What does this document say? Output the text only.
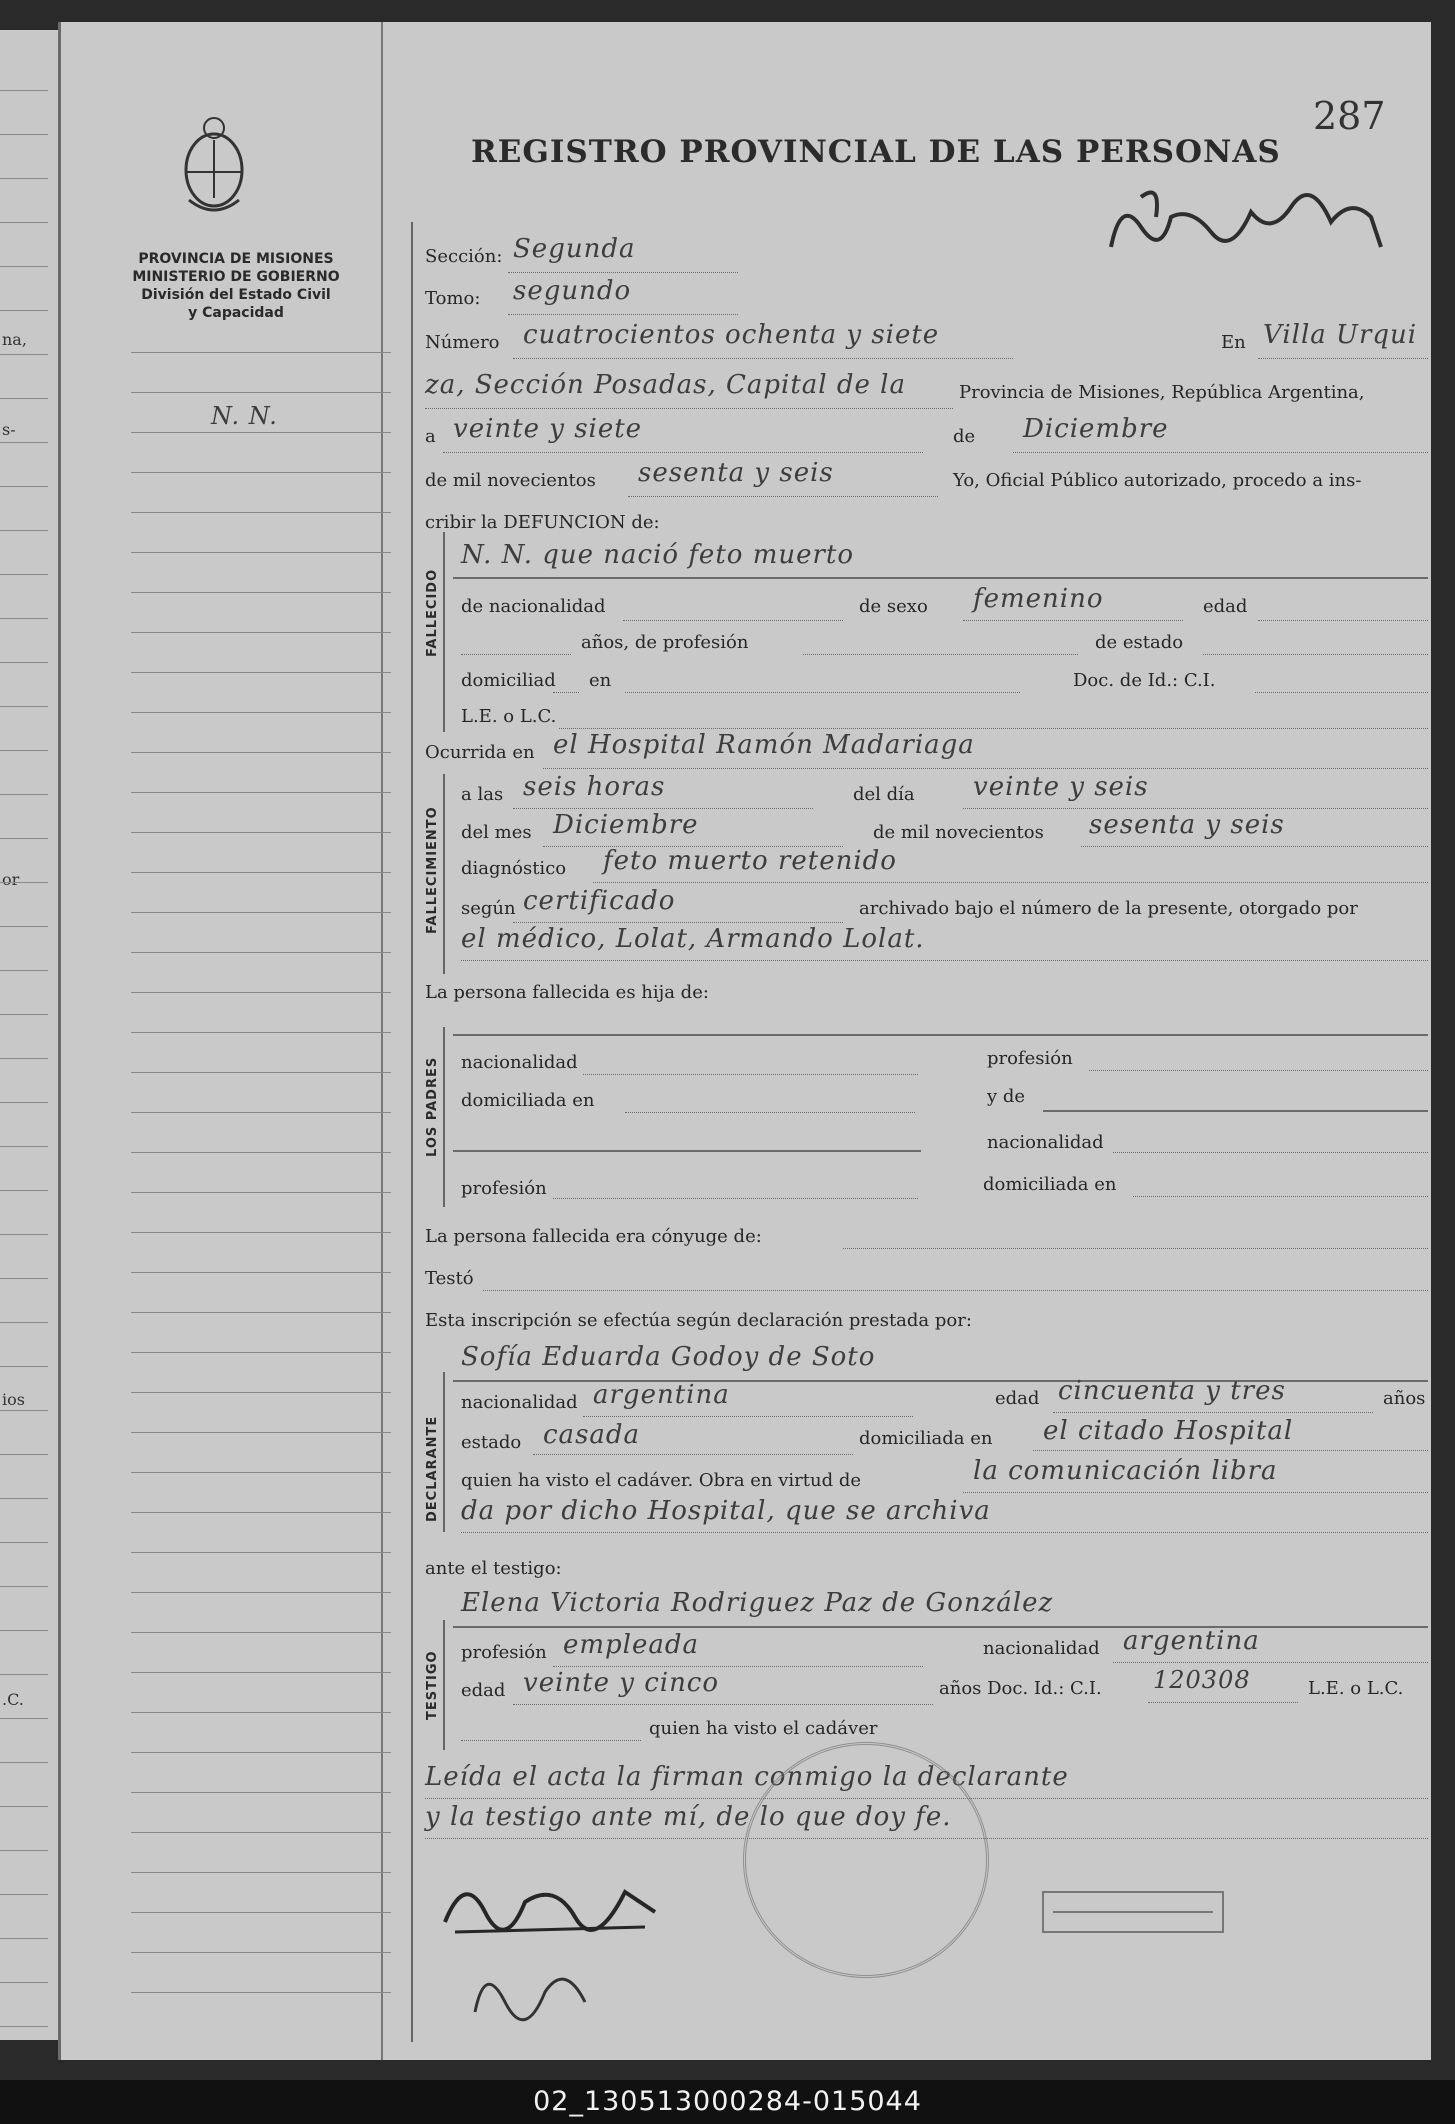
na,
s-
or
ios
.C.
PROVINCIA DE MISIONES
MINISTERIO DE GOBIERNO
División del Estado Civil
y Capacidad
N. N.
REGISTRO PROVINCIAL DE LAS PERSONAS
287
Sección: Segunda
Tomo: segundo
Número cuatrocientos ochenta y siete	En Villa Urqui
za, Sección Posadas, Capital de la	Provincia de Misiones, República Argentina,
a veinte y siete	de Diciembre
de mil novecientos sesenta y seis	Yo, Oficial Público autorizado, procedo a ins-
cribir la DEFUNCION de:
FALLECIDO
N. N. que nació feto muerto
de nacionalidad	de sexo femenino	edad
años, de profesión	de estado
domiciliad en	Doc. de Id.: C.I.
L.E. o L.C.
Ocurrida en el Hospital Ramón Madariaga
FALLECIMIENTO
a las seis horas	del día veinte y seis
del mes Diciembre	de mil novecientos sesenta y seis
diagnóstico feto muerto retenido
según certificado	archivado bajo el número de la presente, otorgado por
el médico, Lolat, Armando Lolat.
La persona fallecida es hija de:
LOS PADRES nacionalidad	profesión
domiciliada en	y de
nacionalidad
profesión	domiciliada en
La persona fallecida era cónyuge de:
Testó
Esta inscripción se efectúa según declaración prestada por:
Sofía Eduarda Godoy de Soto
DECLARANTE
nacionalidad argentina	edad cincuenta y tres	años
estado casada	domiciliada en el citado Hospital
quien ha visto el cadáver. Obra en virtud de	la comunicación libra
da por dicho Hospital, que se archiva
ante el testigo:
Elena Victoria Rodriguez Paz de González
TESTIGO profesión empleada	nacionalidad argentina
edad veinte y cinco	años Doc. Id.: C.I. 120308	L.E. o L.C.
quien ha visto el cadáver
Leída el acta la firman conmigo la declarante
y la testigo ante mí, de lo que doy fe.
02_130513000284-015044
